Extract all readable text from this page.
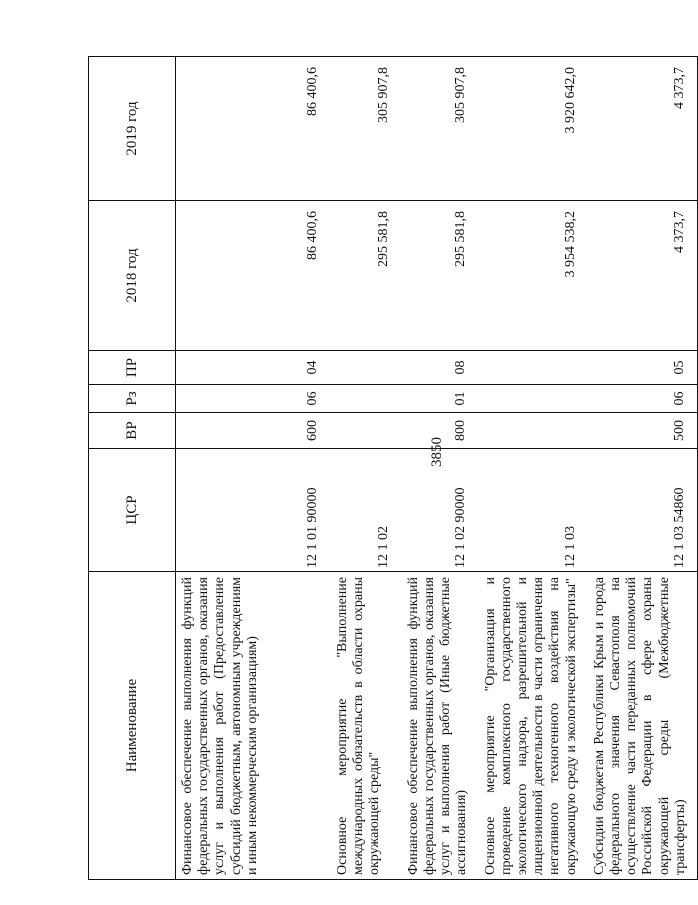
3850
Наименование	ЦСР	ВР	Рз	ПР	2018 год	2019 год
Финансовое обеспечение выполнения функций федеральных государственных органов, оказания услуг и выполнения работ (Предоставление субсидий бюджетным, автономным учреждениям и иным некоммерческим организациям)	12 1 01 90000	600	06	04	86 400,6	86 400,6
Основное мероприятие "Выполнение международных обязательств в области охраны окружающей среды"	12 1 02				295 581,8	305 907,8
Финансовое обеспечение выполнения функций федеральных государственных органов, оказания услуг и выполнения работ (Иные бюджетные ассигнования)	12 1 02 90000	800	01	08	295 581,8	305 907,8
Основное мероприятие "Организация и проведение комплексного государственного экологического надзора, разрешительной и лицензионной деятельности в части ограничения негативного техногенного воздействия на окружающую среду и экологической экспертизы"	12 1 03				3 954 538,2	3 920 642,0
Субсидии бюджетам Республики Крым и города федерального значения Севастополя на осуществление части переданных полномочий Российской Федерации в сфере охраны окружающей среды (Межбюджетные трансферты)	12 1 03 54860	500	06	05	4 373,7	4 373,7
